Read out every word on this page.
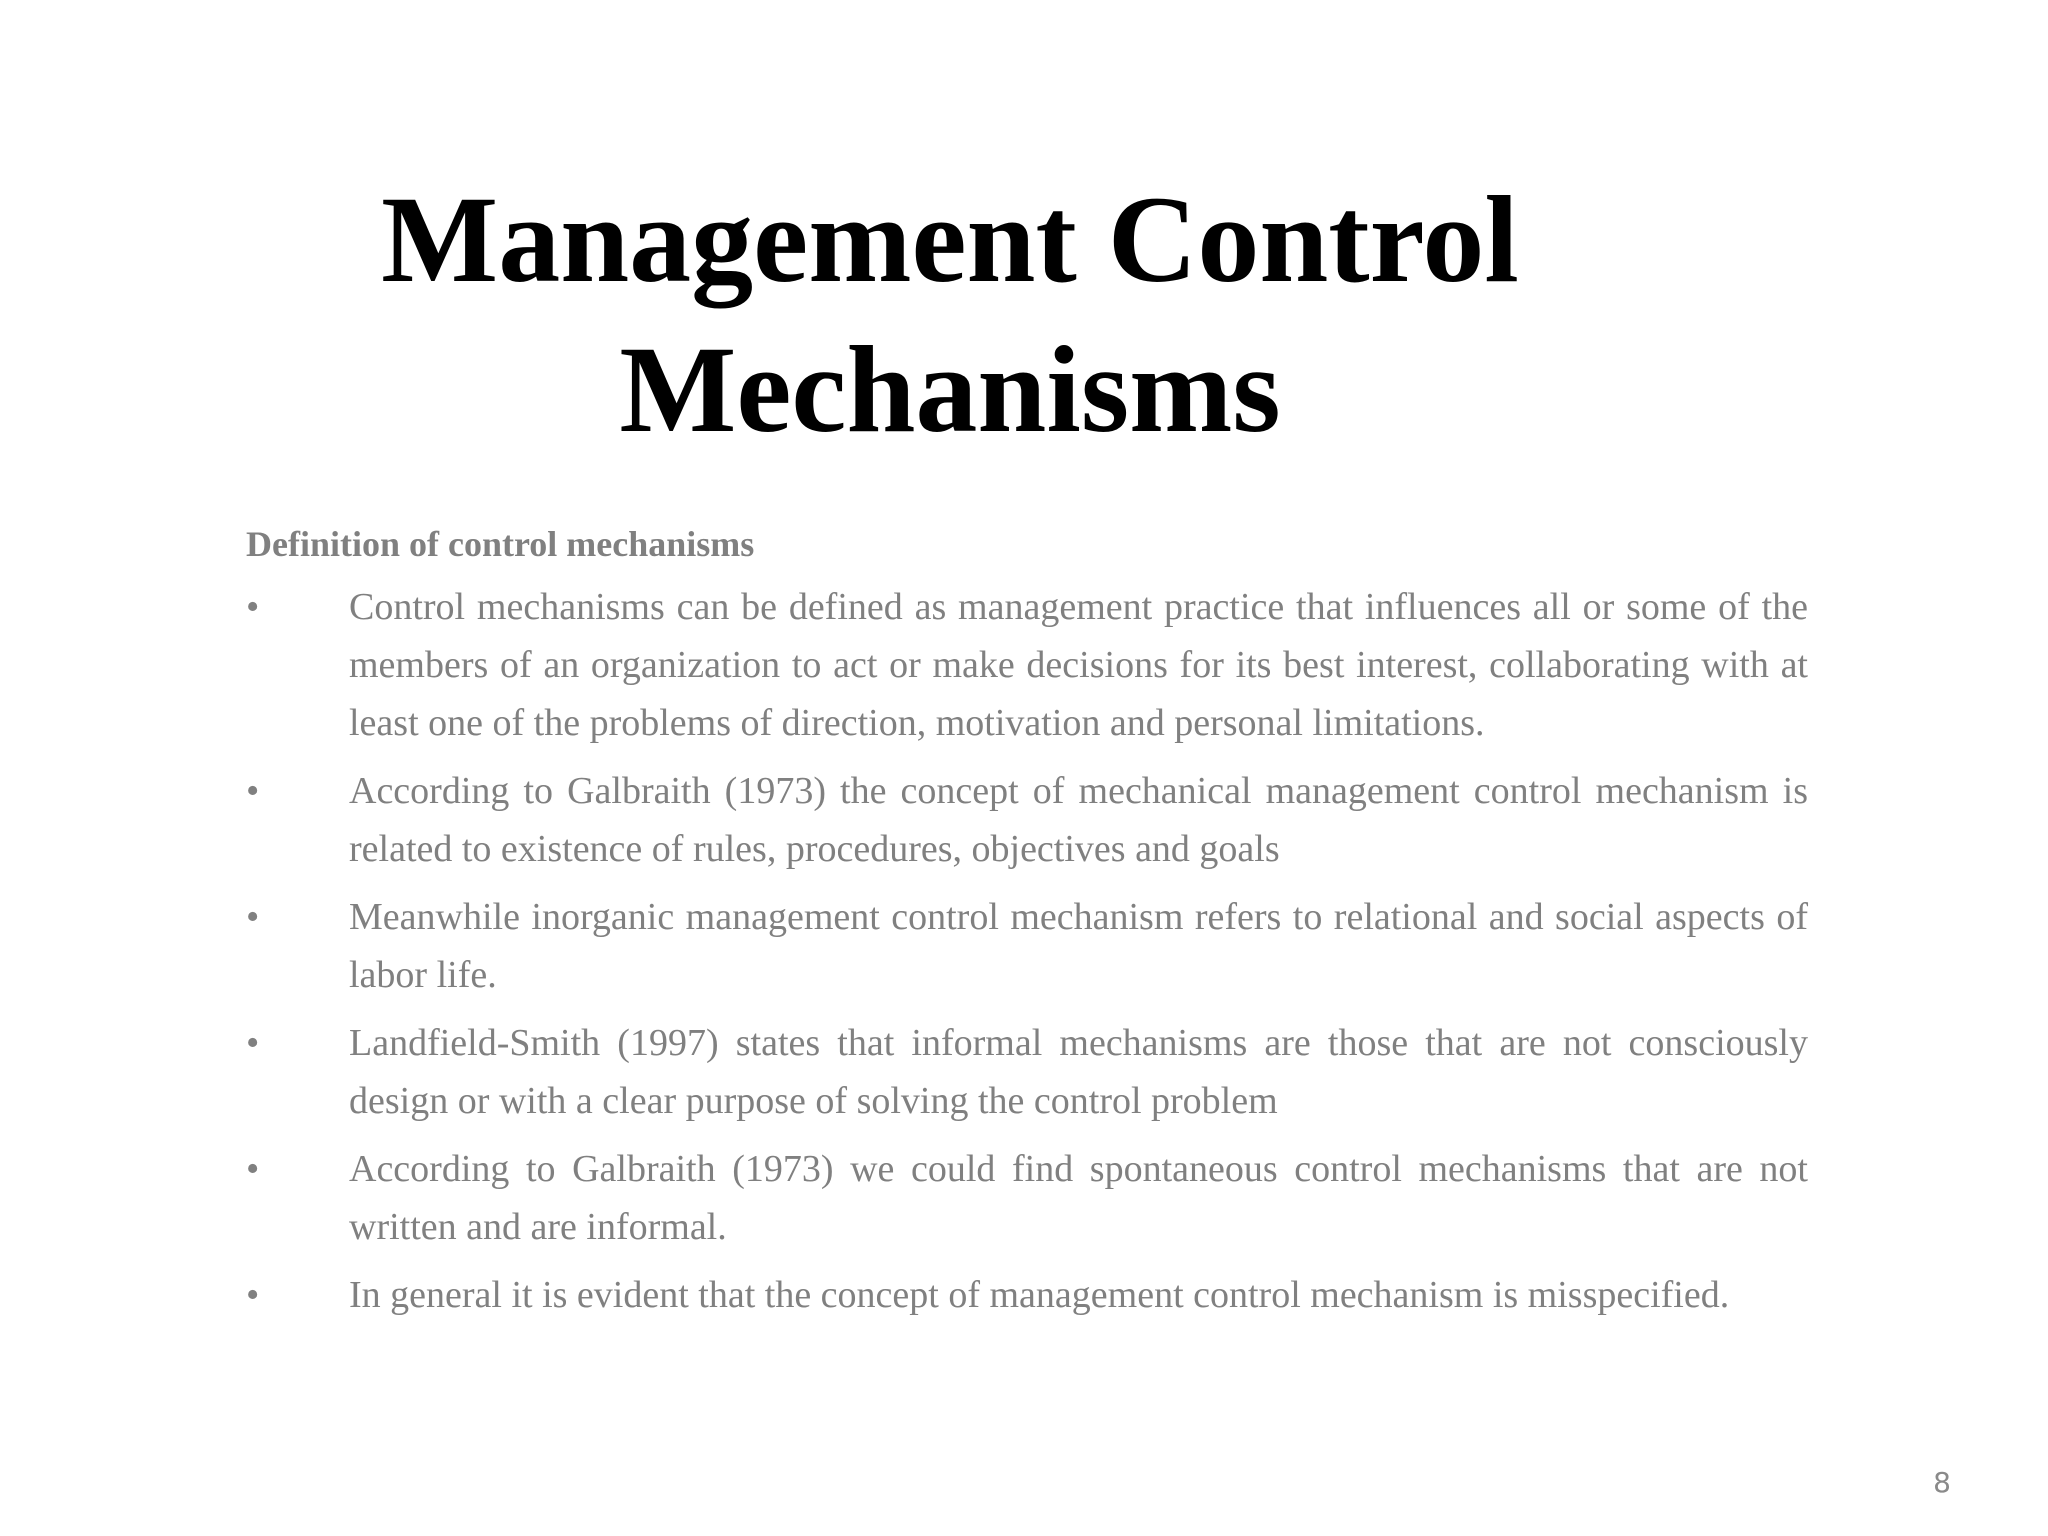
Management Control Mechanisms

Definition of control mechanisms

•	Control mechanisms can be defined as management practice that influences all or some of the members of an organization to act or make decisions for its best interest, collaborating with at least one of the problems of direction, motivation and personal limitations.
•	According to Galbraith (1973) the concept of mechanical management control mechanism is related to existence of rules, procedures, objectives and goals
•	Meanwhile inorganic management control mechanism refers to relational and social aspects of labor life.
•	Landfield-Smith (1997) states that informal mechanisms are those that are not consciously design or with a clear purpose of solving the control problem
•	According to Galbraith (1973) we could find spontaneous control mechanisms that are not written and are informal.
•	In general it is evident that the concept of management control mechanism is misspecified.
8
